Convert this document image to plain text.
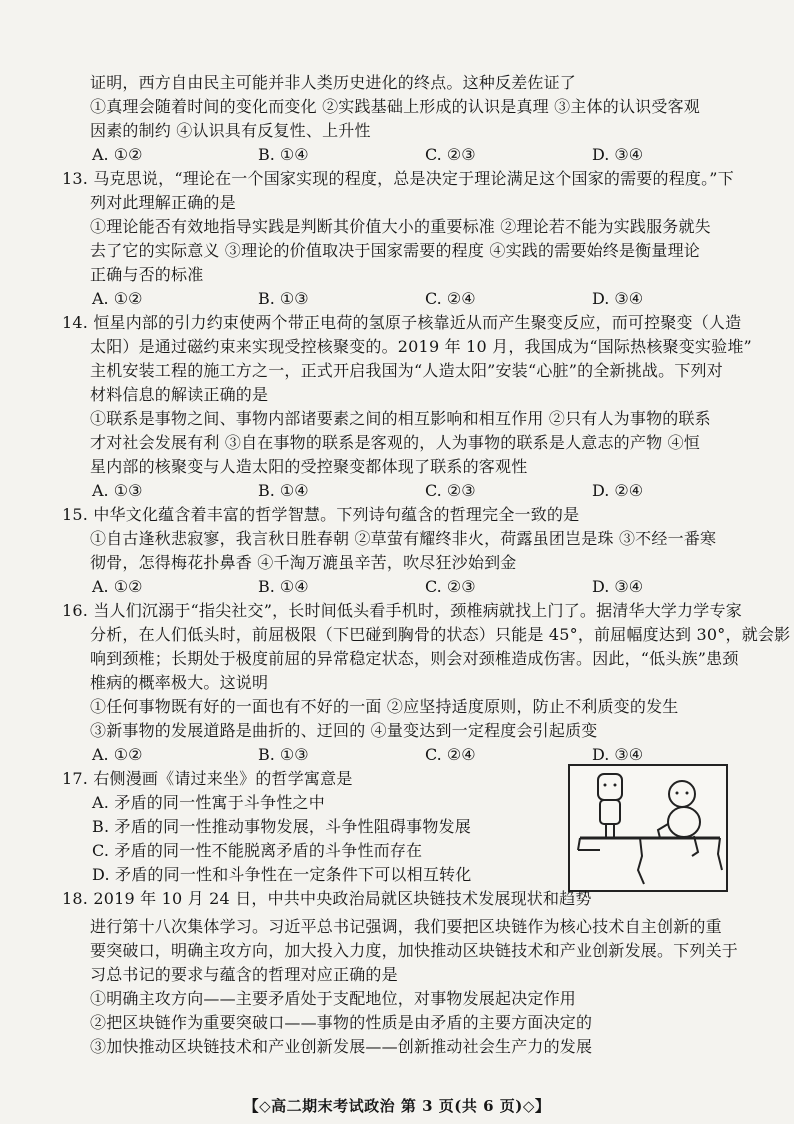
证明，西方自由民主可能并非人类历史进化的终点。这种反差佐证了
①真理会随着时间的变化而变化 ②实践基础上形成的认识是真理 ③主体的认识受客观
因素的制约 ④认识具有反复性、上升性
A. ①②	B. ①④	C. ②③	D. ③④
13. 马克思说，“理论在一个国家实现的程度，总是决定于理论满足这个国家的需要的程度。”下
列对此理解正确的是
①理论能否有效地指导实践是判断其价值大小的重要标准 ②理论若不能为实践服务就失
去了它的实际意义 ③理论的价值取决于国家需要的程度 ④实践的需要始终是衡量理论
正确与否的标准
A. ①②	B. ①③	C. ②④	D. ③④
14. 恒星内部的引力约束使两个带正电荷的氢原子核靠近从而产生聚变反应，而可控聚变（人造
太阳）是通过磁约束来实现受控核聚变的。2019 年 10 月，我国成为“国际热核聚变实验堆”
主机安装工程的施工方之一，正式开启我国为“人造太阳”安装“心脏”的全新挑战。下列对
材料信息的解读正确的是
①联系是事物之间、事物内部诸要素之间的相互影响和相互作用 ②只有人为事物的联系
才对社会发展有利 ③自在事物的联系是客观的，人为事物的联系是人意志的产物 ④恒
星内部的核聚变与人造太阳的受控聚变都体现了联系的客观性
A. ①③	B. ①④	C. ②③	D. ②④
15. 中华文化蕴含着丰富的哲学智慧。下列诗句蕴含的哲理完全一致的是
①自古逢秋悲寂寥，我言秋日胜春朝 ②草萤有耀终非火，荷露虽团岂是珠 ③不经一番寒
彻骨，怎得梅花扑鼻香 ④千淘万漉虽辛苦，吹尽狂沙始到金
A. ①②	B. ①④	C. ②③	D. ③④
16. 当人们沉溺于“指尖社交”，长时间低头看手机时，颈椎病就找上门了。据清华大学力学专家
分析，在人们低头时，前屈极限（下巴碰到胸骨的状态）只能是 45°，前屈幅度达到 30°，就会影
响到颈椎；长期处于极度前屈的异常稳定状态，则会对颈椎造成伤害。因此，“低头族”患颈
椎病的概率极大。这说明
①任何事物既有好的一面也有不好的一面 ②应坚持适度原则，防止不利质变的发生
③新事物的发展道路是曲折的、迂回的 ④量变达到一定程度会引起质变
A. ①②	B. ①③	C. ②④	D. ③④
17. 右侧漫画《请过来坐》的哲学寓意是
A. 矛盾的同一性寓于斗争性之中
B. 矛盾的同一性推动事物发展，斗争性阻碍事物发展
C. 矛盾的同一性不能脱离矛盾的斗争性而存在
D. 矛盾的同一性和斗争性在一定条件下可以相互转化
18. 2019 年 10 月 24 日，中共中央政治局就区块链技术发展现状和趋势
进行第十八次集体学习。习近平总书记强调，我们要把区块链作为核心技术自主创新的重
要突破口，明确主攻方向，加大投入力度，加快推动区块链技术和产业创新发展。下列关于
习总书记的要求与蕴含的哲理对应正确的是
①明确主攻方向——主要矛盾处于支配地位，对事物发展起决定作用
②把区块链作为重要突破口——事物的性质是由矛盾的主要方面决定的
③加快推动区块链技术和产业创新发展——创新推动社会生产力的发展
【◇高二期末考试政治 第 3 页(共 6 页)◇】
